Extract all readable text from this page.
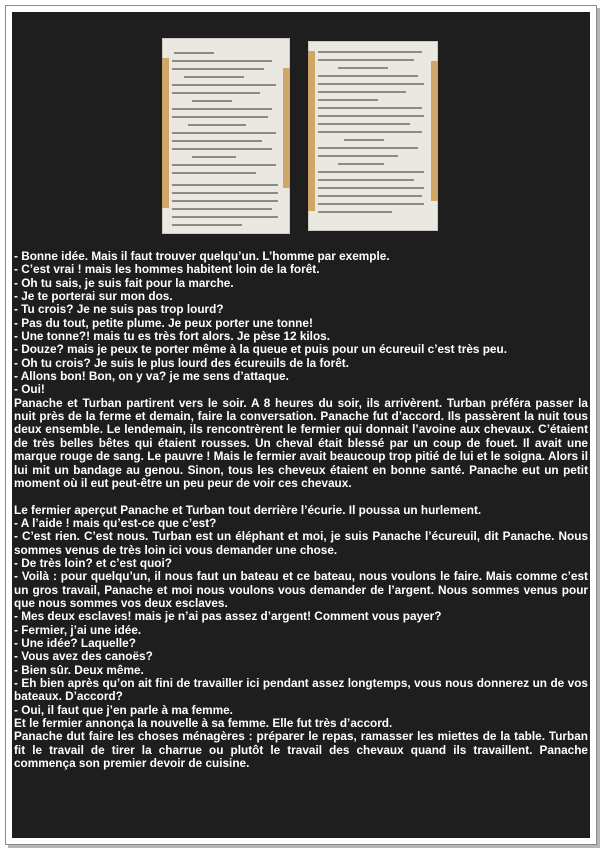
- Bonne idée. Mais il faut trouver quelqu’un. L’homme par exemple.

- C’est vrai ! mais les hommes habitent loin de la forêt.

- Oh tu sais, je suis fait pour la marche.

- Je te porterai sur mon dos.

- Tu crois? Je ne suis pas trop lourd?

- Pas du tout, petite plume. Je peux porter une tonne!

- Une tonne?! mais tu es très fort alors. Je pèse 12 kilos.

- Douze? mais je peux te porter même à la queue et puis pour un écureuil c’est très peu.

- Oh tu crois? Je suis le plus lourd des écureuils de la forêt.

- Allons bon! Bon, on y va? je me sens d’attaque.

- Oui!

Panache et Turban partirent vers le soir. A 8 heures du soir, ils arrivèrent. Turban préféra passer la nuit près de la ferme et demain, faire la conversation. Panache fut d’accord. Ils passèrent la nuit tous deux ensemble. Le lendemain, ils rencontrèrent le fermier qui donnait l’avoine aux chevaux. C’étaient de très belles bêtes qui étaient rousses. Un cheval était blessé par un coup de fouet. Il avait une marque rouge de sang. Le pauvre ! Mais le fermier avait beaucoup trop pitié de lui et le soigna. Alors il lui mit un bandage au genou. Sinon, tous les cheveux étaient en bonne santé. Panache eut un petit moment où il eut peut-être un peu peur de voir ces chevaux.

Le fermier aperçut Panache et Turban tout derrière l’écurie. Il poussa un hurlement.

- A l’aide ! mais qu’est-ce que c’est?

- C’est rien. C’est nous. Turban est un éléphant et moi, je suis Panache l’écureuil, dit Panache. Nous sommes venus de très loin ici vous demander une chose.

- De très loin? et c’est quoi?

- Voilà : pour quelqu’un, il nous faut un bateau et ce bateau, nous voulons le faire. Mais comme c’est un gros travail, Panache et moi nous voulons vous demander de l’argent. Nous sommes venus pour que nous sommes vos deux esclaves.

- Mes deux esclaves! mais je n’ai pas assez d’argent! Comment vous payer?

- Fermier, j’ai une idée.

- Une idée? Laquelle?

- Vous avez des canoës?

- Bien sûr. Deux même.

- Eh bien après qu’on ait fini de travailler ici pendant assez longtemps, vous nous donnerez un de vos bateaux. D’accord?

- Oui, il faut que j’en parle à ma femme.

Et le fermier annonça la nouvelle à sa femme. Elle fut très d’accord.

Panache dut faire les choses ménagères : préparer le repas, ramasser les miettes de la table. Turban fit le travail de tirer la charrue ou plutôt le travail des chevaux quand ils travaillent. Panache commença son premier devoir de cuisine.
